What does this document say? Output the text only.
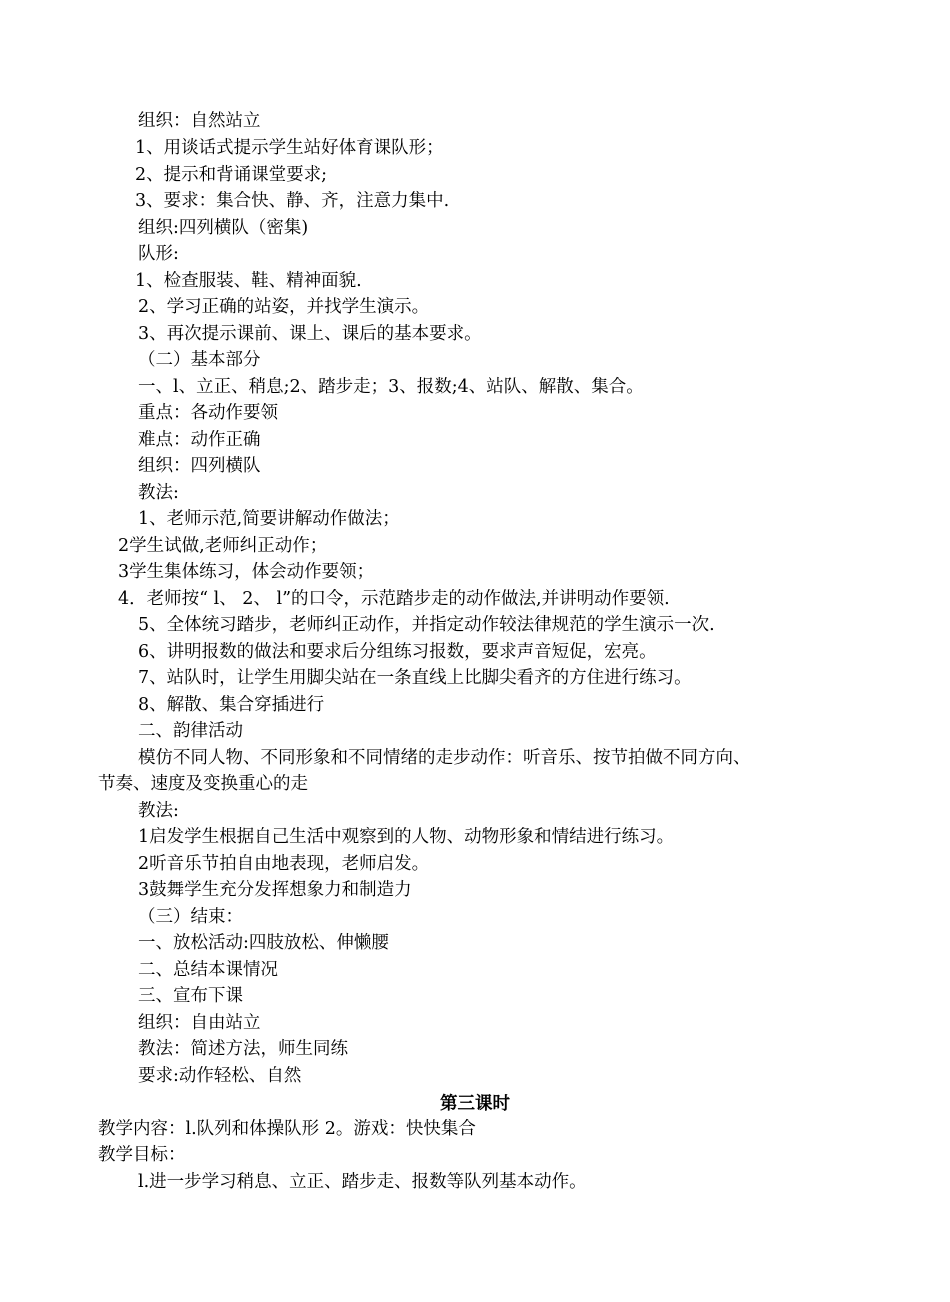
组织：自然站立
1、用谈话式提示学生站好体育课队形；
2、提示和背诵课堂要求;
3、要求：集合快、静、齐，注意力集中.
组织:四列横队（密集)
队形:
1、检查服装、鞋、精神面貌.
2、学习正确的站姿，并找学生演示。
3、再次提示课前、课上、课后的基本要求。
（二）基本部分
一、l、立正、稍息;2、踏步走；3、报数;4、站队、解散、集合。
重点：各动作要领
难点：动作正确
组织：四列横队
教法:
1、老师示范,简要讲解动作做法；
2学生试做,老师纠正动作；
3学生集体练习，体会动作要领；
4．老师按“ l、 2、 l”的口令，示范踏步走的动作做法,并讲明动作要领.
5、全体统习踏步，老师纠正动作，并指定动作较法律规范的学生演示一次.
6、讲明报数的做法和要求后分组练习报数，要求声音短促，宏亮。
7、站队时，让学生用脚尖站在一条直线上比脚尖看齐的方住进行练习。
8、解散、集合穿插进行
二、韵律活动
模仿不同人物、不同形象和不同情绪的走步动作：听音乐、按节拍做不同方向、
节奏、速度及变换重心的走
教法:
1启发学生根据自己生活中观察到的人物、动物形象和情结进行练习。
2听音乐节拍自由地表现，老师启发。
3鼓舞学生充分发挥想象力和制造力
（三）结束：
一、放松活动:四肢放松、伸懒腰
二、总结本课情况
三、宣布下课
组织：自由站立
教法：简述方法，师生同练
要求:动作轻松、自然
第三课时
教学内容：l.队列和体操队形 2。游戏：快快集合
教学目标：
l.进一步学习稍息、立正、踏步走、报数等队列基本动作。
